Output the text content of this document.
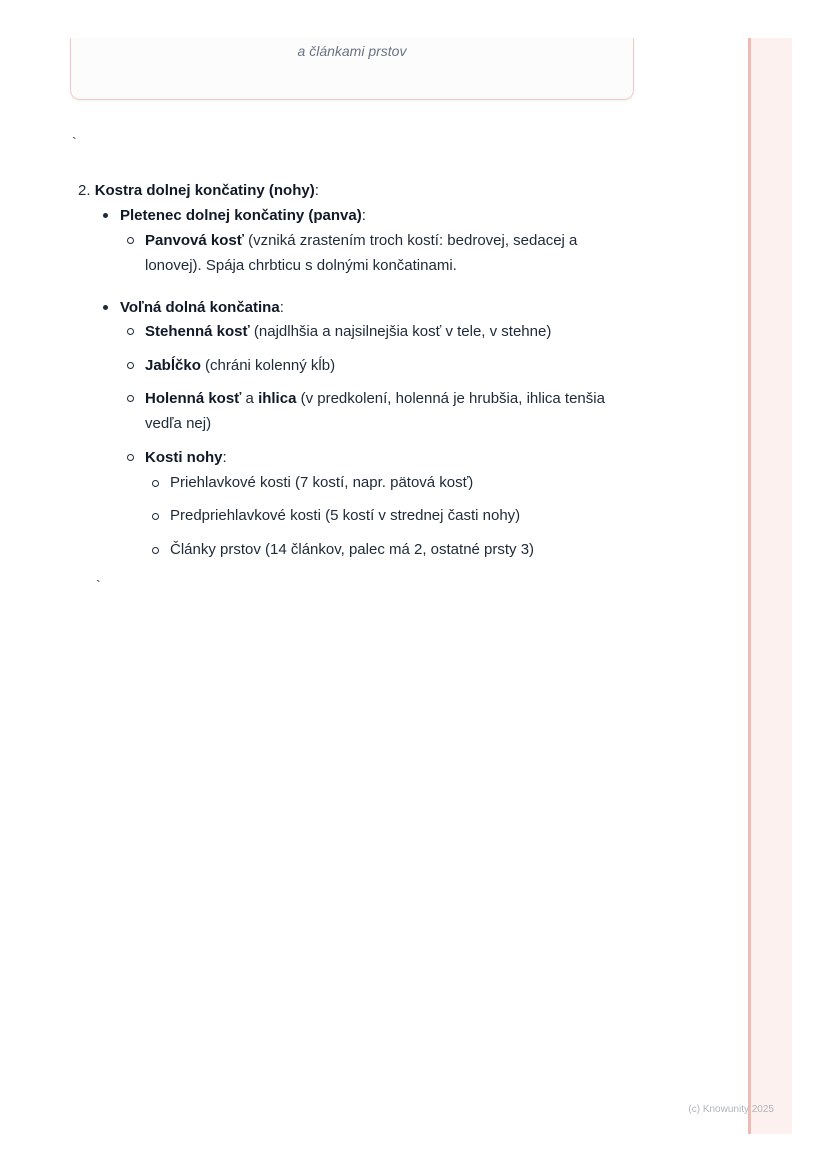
a článkami prstov
`
2. Kostra dolnej končatiny (nohy):
Pletenec dolnej končatiny (panva):
Panvová kosť (vzniká zrastením troch kostí: bedrovej, sedacej a
lonovej). Spája chrbticu s dolnými končatinami.
Voľná dolná končatina:
Stehenná kosť (najdlhšia a najsilnejšia kosť v tele, v stehne)
Jabĺčko (chráni kolenný kĺb)
Holenná kosť a ihlica (v predkolení, holenná je hrubšia, ihlica tenšia
vedľa nej)
Kosti nohy:
Priehlavkové kosti (7 kostí, napr. pätová kosť)
Predpriehlavkové kosti (5 kostí v strednej časti nohy)
Články prstov (14 článkov, palec má 2, ostatné prsty 3)
`
(c) Knowunity 2025
